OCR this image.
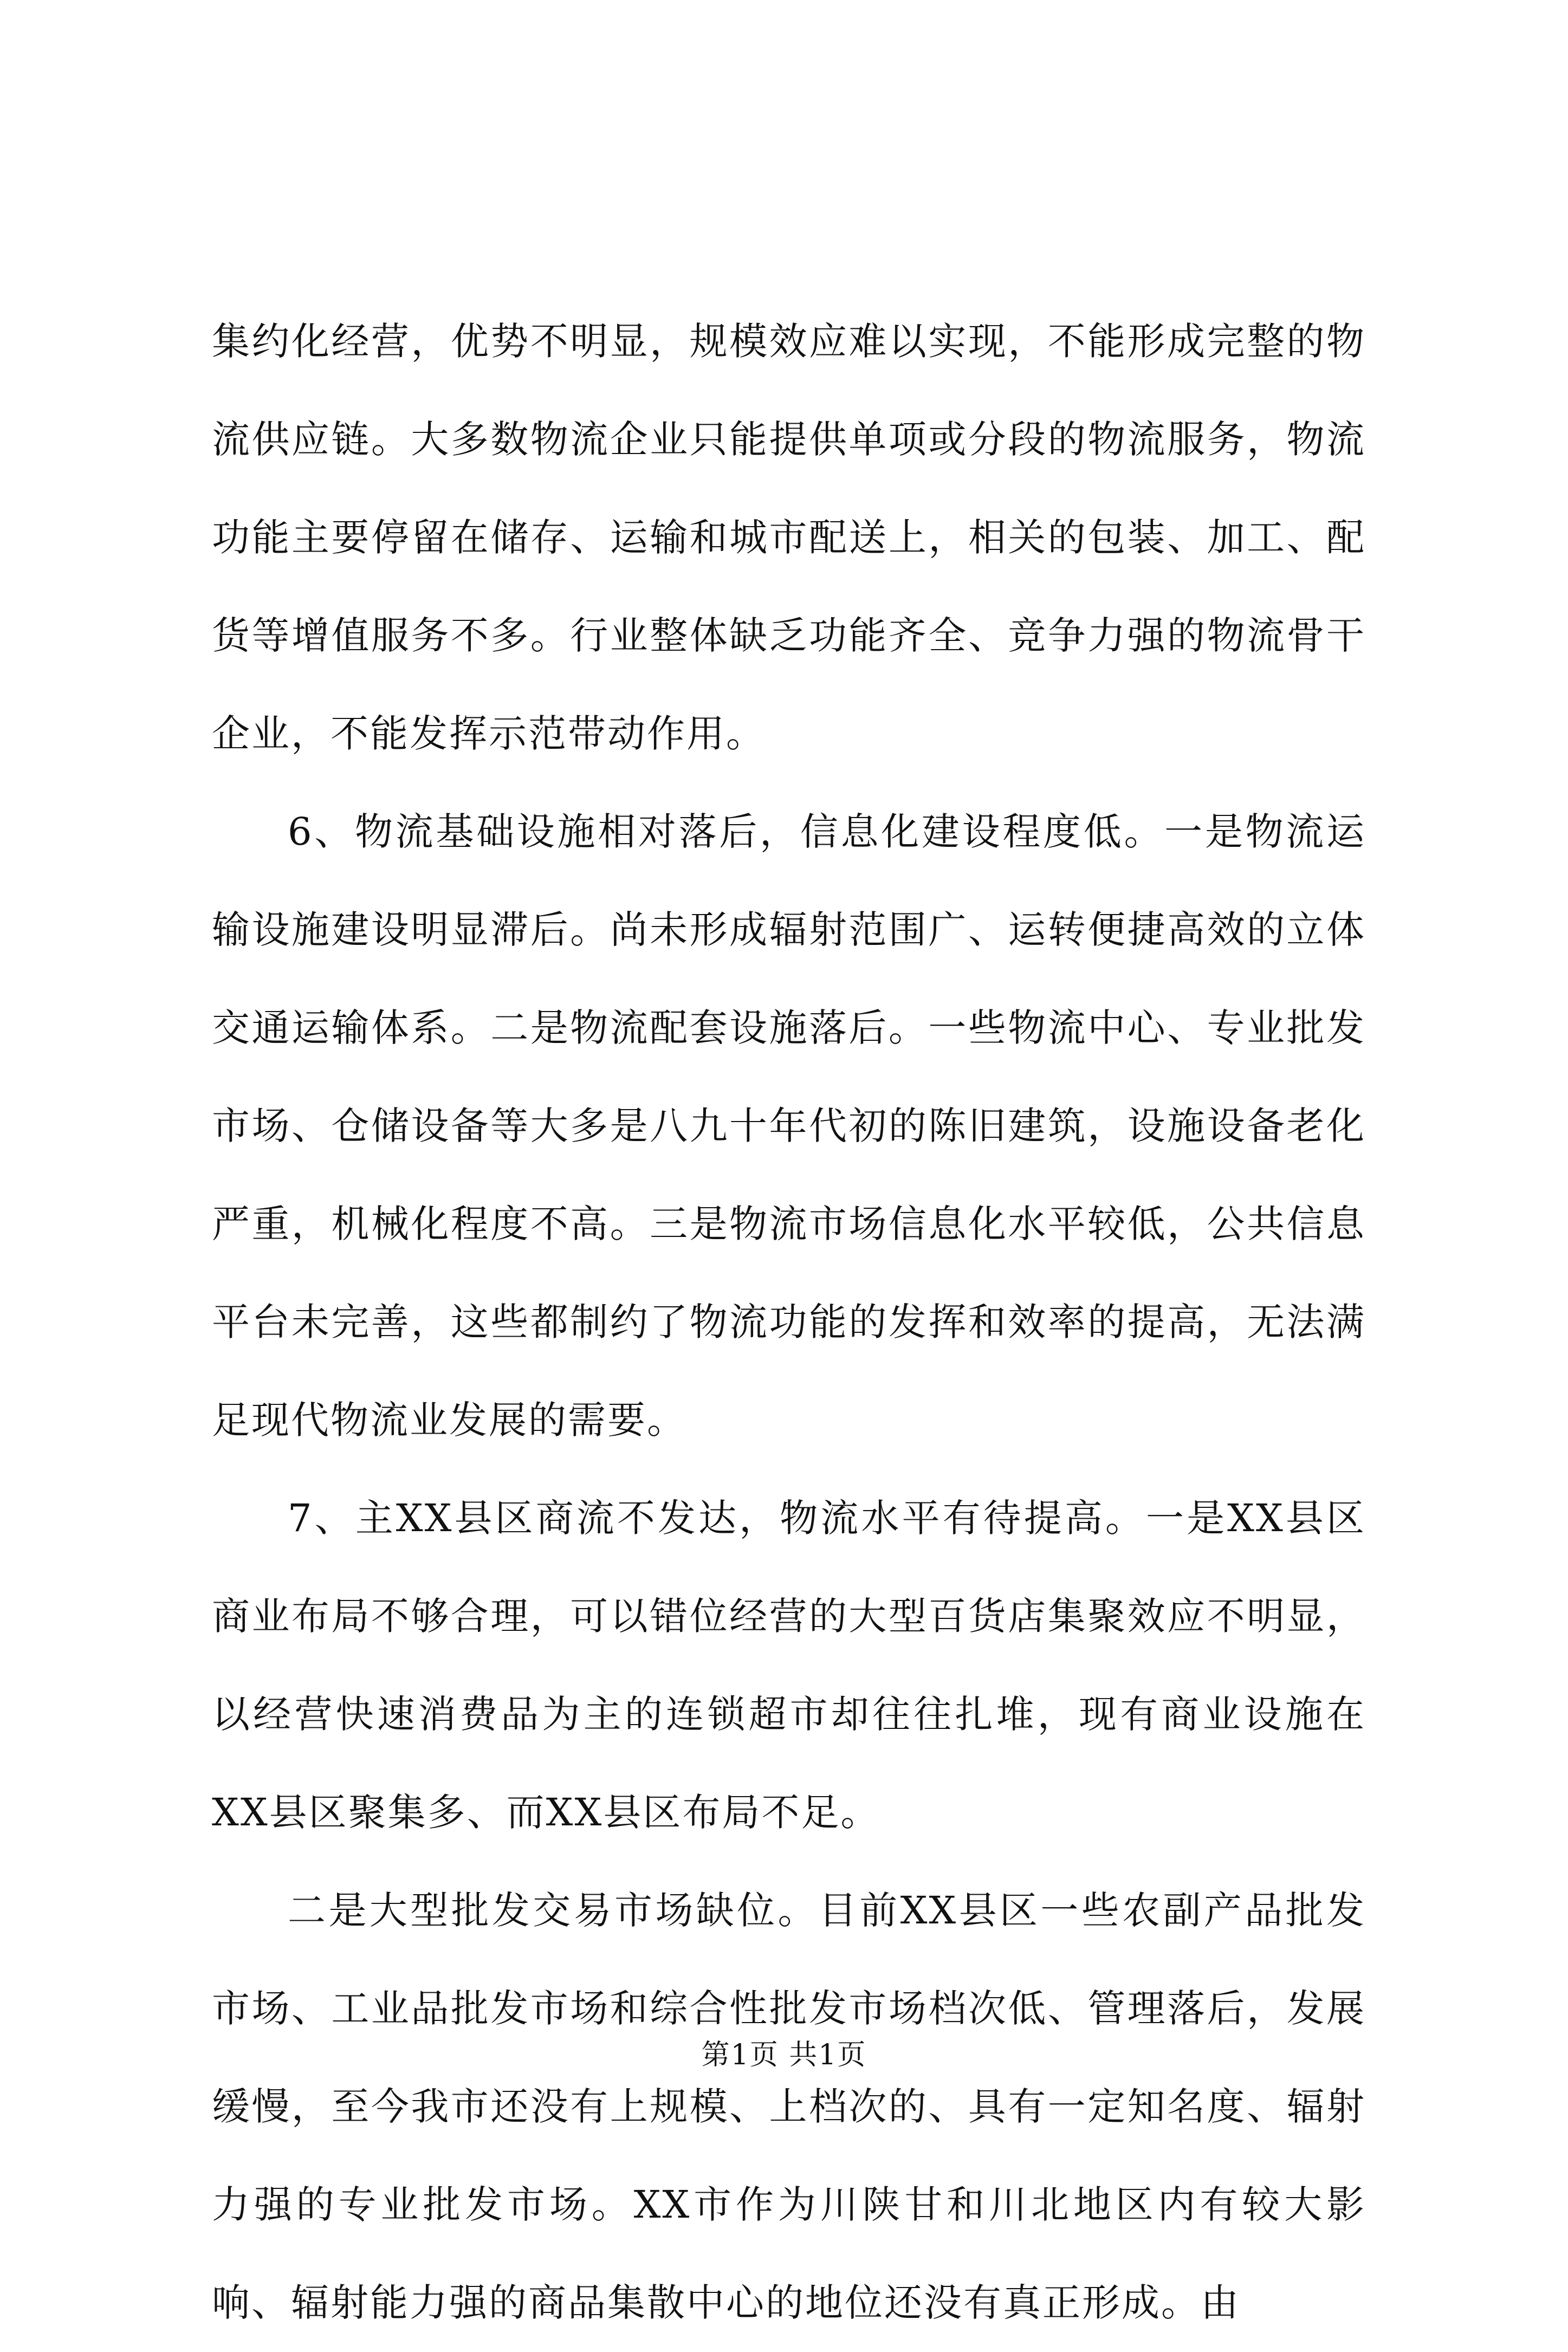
集约化经营，优势不明显，规模效应难以实现，不能形成完整的物流供应链。大多数物流企业只能提供单项或分段的物流服务，物流功能主要停留在储存、运输和城市配送上，相关的包装、加工、配货等增值服务不多。行业整体缺乏功能齐全、竞争力强的物流骨干企业，不能发挥示范带动作用。

6、物流基础设施相对落后，信息化建设程度低。一是物流运输设施建设明显滞后。尚未形成辐射范围广、运转便捷高效的立体交通运输体系。二是物流配套设施落后。一些物流中心、专业批发市场、仓储设备等大多是八九十年代初的陈旧建筑，设施设备老化严重，机械化程度不高。三是物流市场信息化水平较低，公共信息平台未完善，这些都制约了物流功能的发挥和效率的提高，无法满足现代物流业发展的需要。

7、主XX县区商流不发达，物流水平有待提高。一是XX县区商业布局不够合理，可以错位经营的大型百货店集聚效应不明显，以经营快速消费品为主的连锁超市却往往扎堆，现有商业设施在XX县区聚集多、而XX县区布局不足。

二是大型批发交易市场缺位。目前XX县区一些农副产品批发市场、工业品批发市场和综合性批发市场档次低、管理落后，发展缓慢，至今我市还没有上规模、上档次的、具有一定知名度、辐射力强的专业批发市场。XX市作为川陕甘和川北地区内有较大影响、辐射能力强的商品集散中心的地位还没有真正形成。由

第1页 共1页
